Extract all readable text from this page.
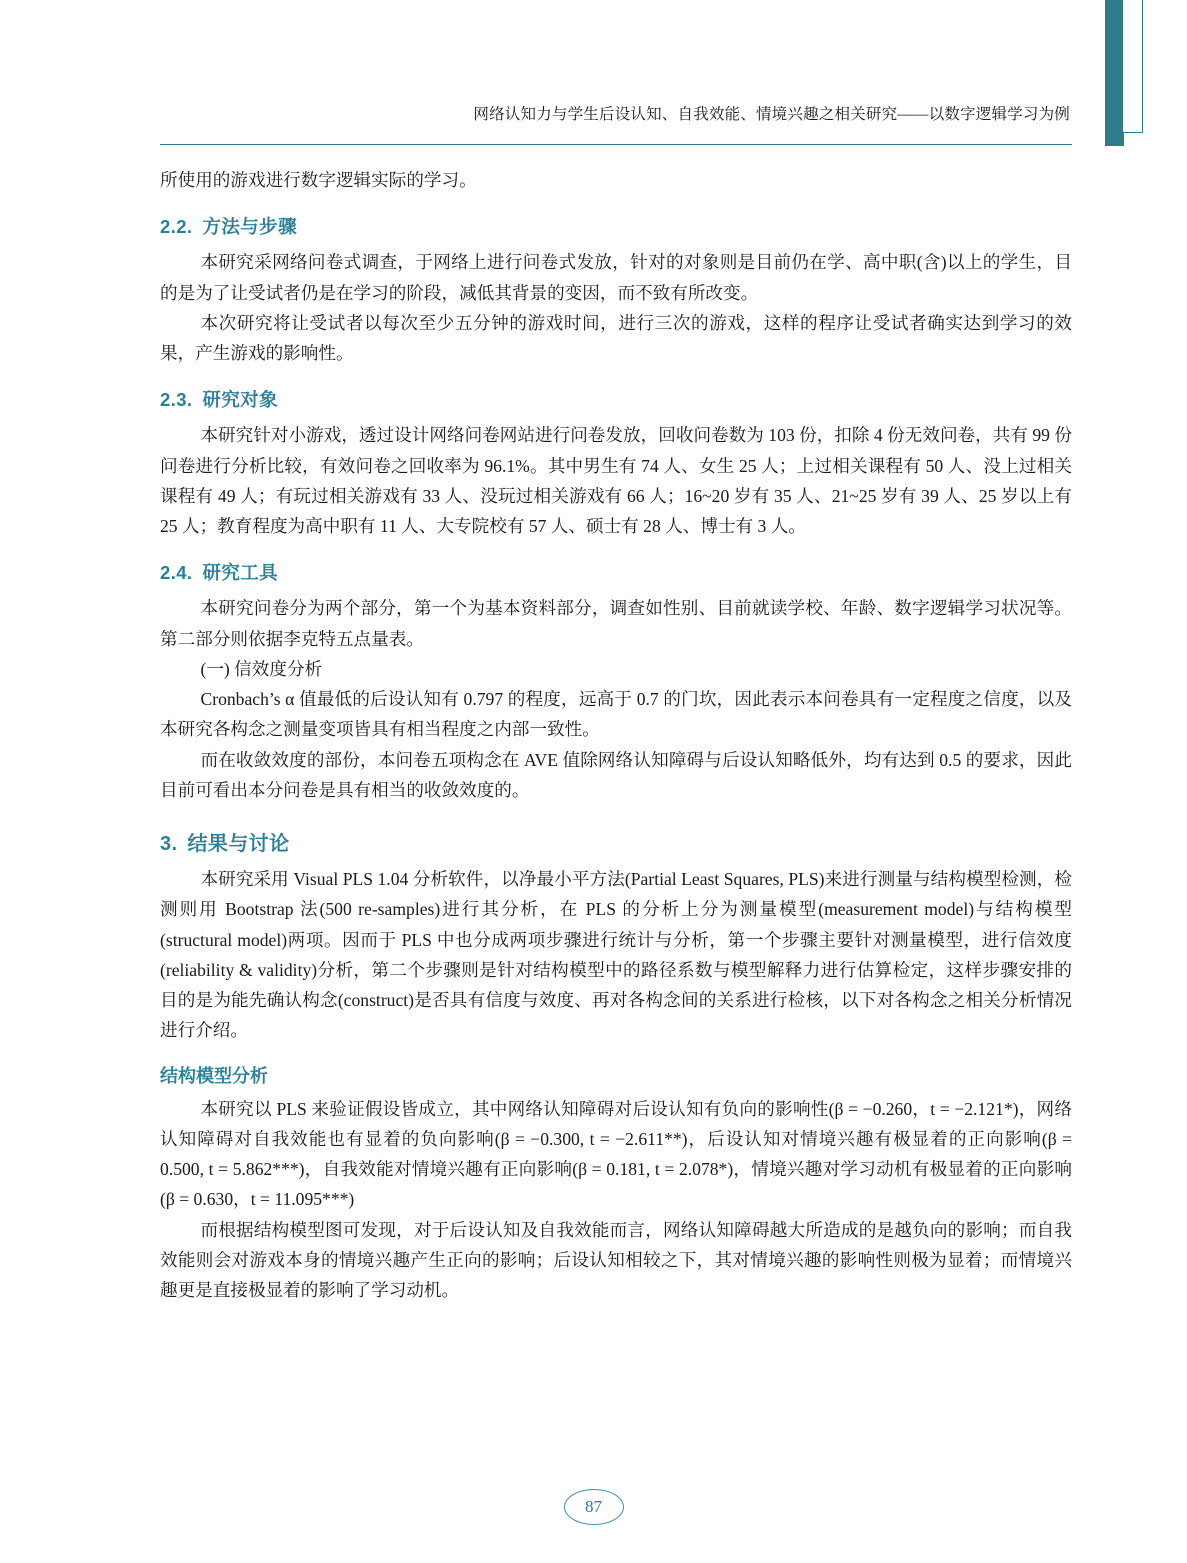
网络认知力与学生后设认知、自我效能、情境兴趣之相关研究——以数字逻辑学习为例

所使用的游戏进行数字逻辑实际的学习。

2.2. 方法与步骤

本研究采网络问卷式调查，于网络上进行问卷式发放，针对的对象则是目前仍在学、高中职(含)以上的学生，目的是为了让受试者仍是在学习的阶段，减低其背景的变因，而不致有所改变。

本次研究将让受试者以每次至少五分钟的游戏时间，进行三次的游戏，这样的程序让受试者确实达到学习的效果，产生游戏的影响性。

2.3. 研究对象

本研究针对小游戏，透过设计网络问卷网站进行问卷发放，回收问卷数为 103 份，扣除 4 份无效问卷，共有 99 份问卷进行分析比较，有效问卷之回收率为 96.1%。其中男生有 74 人、女生 25 人；上过相关课程有 50 人、没上过相关课程有 49 人；有玩过相关游戏有 33 人、没玩过相关游戏有 66 人；16~20 岁有 35 人、21~25 岁有 39 人、25 岁以上有 25 人；教育程度为高中职有 11 人、大专院校有 57 人、硕士有 28 人、博士有 3 人。

2.4. 研究工具

本研究问卷分为两个部分，第一个为基本资料部分，调查如性别、目前就读学校、年龄、数字逻辑学习状况等。第二部分则依据李克特五点量表。

(一) 信效度分析

Cronbach’s α 值最低的后设认知有 0.797 的程度，远高于 0.7 的门坎，因此表示本问卷具有一定程度之信度，以及本研究各构念之测量变项皆具有相当程度之内部一致性。

而在收敛效度的部份，本问卷五项构念在 AVE 值除网络认知障碍与后设认知略低外，均有达到 0.5 的要求，因此目前可看出本分问卷是具有相当的收敛效度的。

3. 结果与讨论

本研究采用 Visual PLS 1.04 分析软件，以净最小平方法(Partial Least Squares, PLS)来进行测量与结构模型检测，检测则用 Bootstrap 法(500 re-samples)进行其分析，在 PLS 的分析上分为测量模型(measurement model)与结构模型(structural model)两项。因而于 PLS 中也分成两项步骤进行统计与分析，第一个步骤主要针对测量模型，进行信效度(reliability & validity)分析，第二个步骤则是针对结构模型中的路径系数与模型解释力进行估算检定，这样步骤安排的目的是为能先确认构念(construct)是否具有信度与效度、再对各构念间的关系进行检核，以下对各构念之相关分析情况进行介绍。

结构模型分析

本研究以 PLS 来验证假设皆成立，其中网络认知障碍对后设认知有负向的影响性(β = −0.260，t = −2.121*)，网络认知障碍对自我效能也有显着的负向影响(β = −0.300, t = −2.611**)，后设认知对情境兴趣有极显着的正向影响(β = 0.500, t = 5.862***)，自我效能对情境兴趣有正向影响(β = 0.181, t = 2.078*)，情境兴趣对学习动机有极显着的正向影响(β = 0.630，t = 11.095***)

而根据结构模型图可发现，对于后设认知及自我效能而言，网络认知障碍越大所造成的是越负向的影响；而自我效能则会对游戏本身的情境兴趣产生正向的影响；后设认知相较之下，其对情境兴趣的影响性则极为显着；而情境兴趣更是直接极显着的影响了学习动机。

87
